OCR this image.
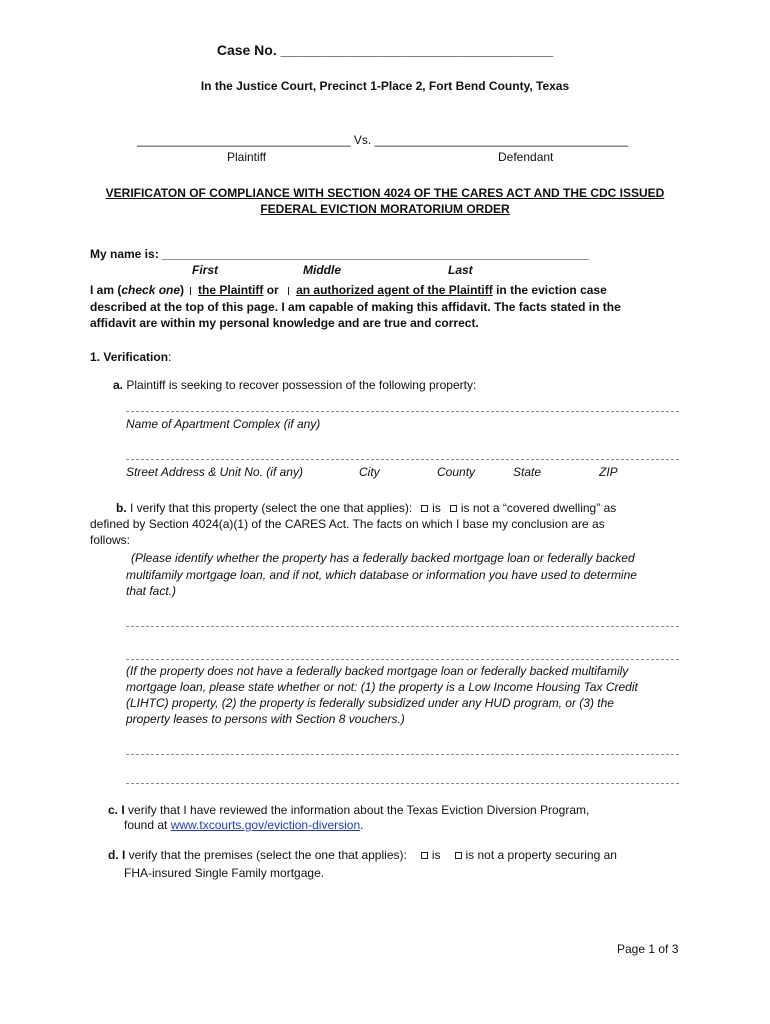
Case No. ___________________________________
In the Justice Court, Precinct 1-Place 2, Fort Bend County, Texas
________________________________ Vs. ______________________________________
Plaintiff	Defendant
VERIFICATON OF COMPLIANCE WITH SECTION 4024 OF THE CARES ACT AND THE CDC ISSUED
FEDERAL EVICTION MORATORIUM ORDER
My name is: ________________________________________________________________
First	Middle	Last
I am (check one) the Plaintiff or an authorized agent of the Plaintiff in the eviction case
described at the top of this page. I am capable of making this affidavit. The facts stated in the
affidavit are within my personal knowledge and are true and correct.
1. Verification:
a. Plaintiff is seeking to recover possession of the following property:
Name of Apartment Complex (if any)
Street Address & Unit No. (if any)	City	County	State	ZIP
b. I verify that this property (select the one that applies): is is not a “covered dwelling” as
defined by Section 4024(a)(1) of the CARES Act. The facts on which I base my conclusion are as
follows:
(Please identify whether the property has a federally backed mortgage loan or federally backed
multifamily mortgage loan, and if not, which database or information you have used to determine
that fact.)
(If the property does not have a federally backed mortgage loan or federally backed multifamily
mortgage loan, please state whether or not: (1) the property is a Low Income Housing Tax Credit
(LIHTC) property, (2) the property is federally subsidized under any HUD program, or (3) the
property leases to persons with Section 8 vouchers.)
c. I verify that I have reviewed the information about the Texas Eviction Diversion Program,
found at www.txcourts.gov/eviction-diversion.
d. I verify that the premises (select the one that applies): is is not a property securing an
FHA-insured Single Family mortgage.
Page 1 of 3
